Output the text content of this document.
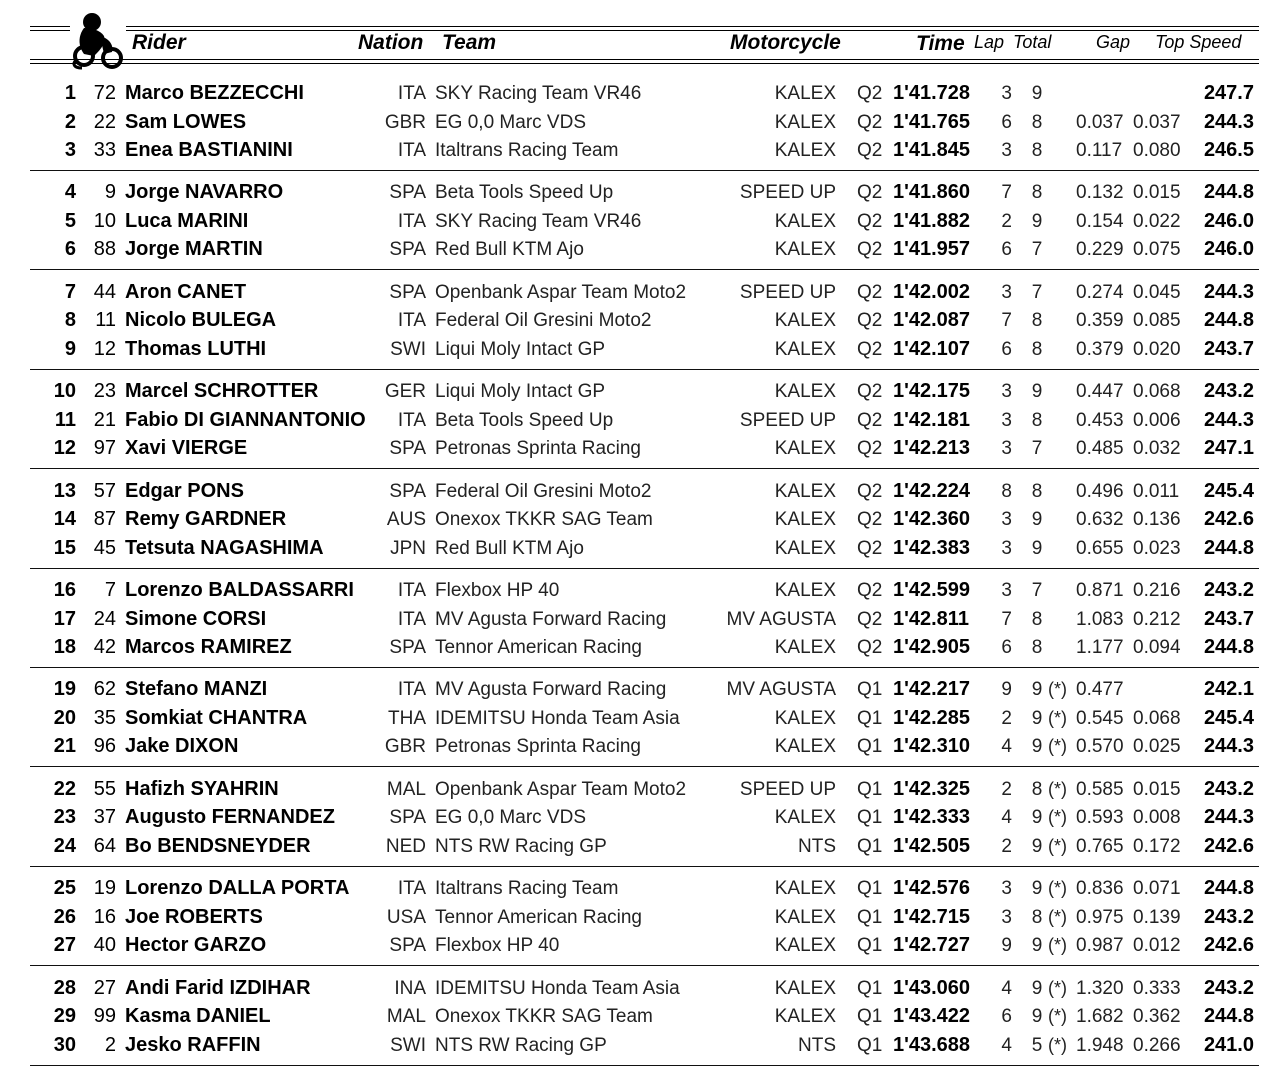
Rider	Nation Team	Motorcycle	Time Lap Total Gap Top Speed
1 72 Marco BEZZECCHI	ITA SKY Racing Team VR46	KALEX Q2 1'41.728	3 9	247.7
2 22 Sam LOWES	GBR EG 0,0 Marc VDS	KALEX Q2 1'41.765	6 8 0.037 0.037	244.3
3 33 Enea BASTIANINI	ITA Italtrans Racing Team	KALEX Q2 1'41.845	3 8 0.117 0.080	246.5
4	9 Jorge NAVARRO	SPA Beta Tools Speed Up	SPEED UP Q2 1'41.860	7 8 0.132 0.015	244.8
5 10 Luca MARINI	ITA SKY Racing Team VR46	KALEX Q2 1'41.882	2 9 0.154 0.022	246.0
6 88 Jorge MARTIN	SPA Red Bull KTM Ajo	KALEX Q2 1'41.957	6 7 0.229 0.075	246.0
7 44 Aron CANET	SPA Openbank Aspar Team Moto2	SPEED UP Q2 1'42.002	3 7 0.274 0.045	244.3
8 11 Nicolo BULEGA	ITA Federal Oil Gresini Moto2	KALEX Q2 1'42.087	7 8 0.359 0.085	244.8
9 12 Thomas LUTHI	SWI Liqui Moly Intact GP	KALEX Q2 1'42.107	6 8 0.379 0.020	243.7
10 23 Marcel SCHROTTER	GER Liqui Moly Intact GP	KALEX Q2 1'42.175	3 9 0.447 0.068	243.2
11 21 Fabio DI GIANNANTONIO	ITA Beta Tools Speed Up	SPEED UP Q2 1'42.181	3 8 0.453 0.006	244.3
12 97 Xavi VIERGE	SPA Petronas Sprinta Racing	KALEX Q2 1'42.213	3 7 0.485 0.032	247.1
13 57 Edgar PONS	SPA Federal Oil Gresini Moto2	KALEX Q2 1'42.224	8 8 0.496 0.011	245.4
14 87 Remy GARDNER	AUS Onexox TKKR SAG Team	KALEX Q2 1'42.360	3 9 0.632 0.136	242.6
15 45 Tetsuta NAGASHIMA	JPN Red Bull KTM Ajo	KALEX Q2 1'42.383	3 9 0.655 0.023	244.8
16	7 Lorenzo BALDASSARRI	ITA Flexbox HP 40	KALEX Q2 1'42.599	3 7 0.871 0.216	243.2
17 24 Simone CORSI	ITA MV Agusta Forward Racing	MV AGUSTA Q2 1'42.811	7 8 1.083 0.212	243.7
18 42 Marcos RAMIREZ	SPA Tennor American Racing	KALEX Q2 1'42.905	6 8 1.177 0.094	244.8
19 62 Stefano MANZI	ITA MV Agusta Forward Racing	MV AGUSTA Q1 1'42.217	9 9 (*) 0.477	242.1
20 35 Somkiat CHANTRA	THA IDEMITSU Honda Team Asia	KALEX Q1 1'42.285	2 9 (*) 0.545 0.068	245.4
21 96 Jake DIXON	GBR Petronas Sprinta Racing	KALEX Q1 1'42.310	4 9 (*) 0.570 0.025	244.3
22 55 Hafizh SYAHRIN	MAL Openbank Aspar Team Moto2	SPEED UP Q1 1'42.325	2 8 (*) 0.585 0.015	243.2
23 37 Augusto FERNANDEZ	SPA EG 0,0 Marc VDS	KALEX Q1 1'42.333	4 9 (*) 0.593 0.008	244.3
24 64 Bo BENDSNEYDER	NED NTS RW Racing GP	NTS Q1 1'42.505	2 9 (*) 0.765 0.172	242.6
25 19 Lorenzo DALLA PORTA	ITA Italtrans Racing Team	KALEX Q1 1'42.576	3 9 (*) 0.836 0.071	244.8
26 16 Joe ROBERTS	USA Tennor American Racing	KALEX Q1 1'42.715	3 8 (*) 0.975 0.139	243.2
27 40 Hector GARZO	SPA Flexbox HP 40	KALEX Q1 1'42.727	9 9 (*) 0.987 0.012	242.6
28 27 Andi Farid IZDIHAR	INA IDEMITSU Honda Team Asia	KALEX Q1 1'43.060	4 9 (*) 1.320 0.333	243.2
29 99 Kasma DANIEL	MAL Onexox TKKR SAG Team	KALEX Q1 1'43.422	6 9 (*) 1.682 0.362	244.8
30	2 Jesko RAFFIN	SWI NTS RW Racing GP	NTS Q1 1'43.688	4 5 (*) 1.948 0.266	241.0
